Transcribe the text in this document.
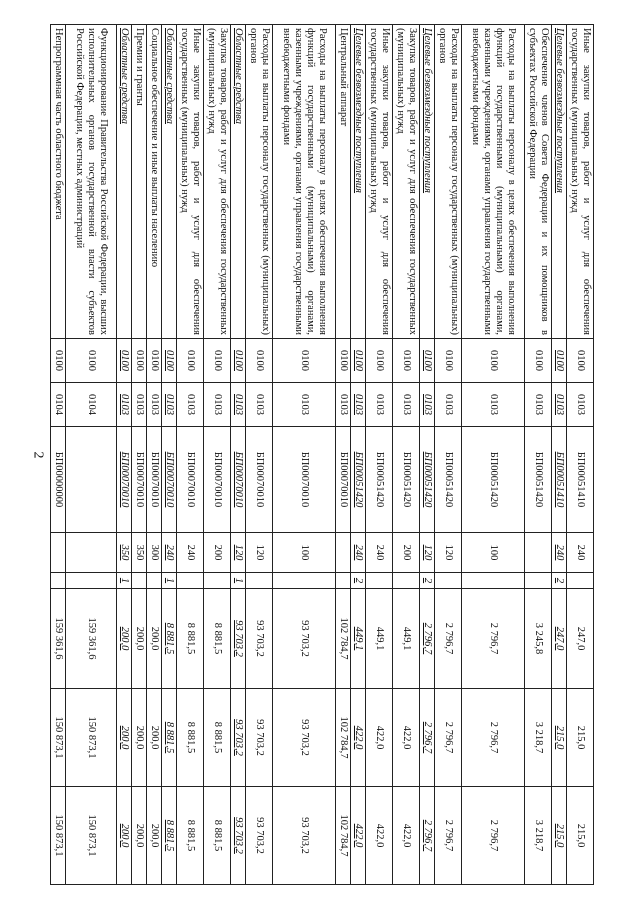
2
Иные закупки товаров, работ и услуг для обеспечения государственных (муниципальных) нужд	0100	0103	БП00051410	240		247,0	215,0	215,0
Целевые безвозмездные поступления	0100	0103	БП00051410	240	2	247,0	215,0	215,0
Обеспечение членов Совета Федерации и их помощников в субъектах Российской Федерации	0100	0103	БП00051420			3 245,8	3 218,7	3 218,7
Расходы на выплаты персоналу в целях обеспечения выполнения функций государственными (муниципальными) органами, казенными учреждениями, органами управления государственными внебюджетными фондами	0100	0103	БП00051420	100		2 796,7	2 796,7	2 796,7
Расходы на выплаты персоналу государственных (муниципальных) органов	0100	0103	БП00051420	120		2 796,7	2 796,7	2 796,7
Целевые безвозмездные поступления	0100	0103	БП00051420	120	2	2 796,7	2 796,7	2 796,7
Закупка товаров, работ и услуг для обеспечения государственных (муниципальных) нужд	0100	0103	БП00051420	200		449,1	422,0	422,0
Иные закупки товаров, работ и услуг для обеспечения государственных (муниципальных) нужд	0100	0103	БП00051420	240		449,1	422,0	422,0
Целевые безвозмездные поступления	0100	0103	БП00051420	240	2	449,1	422,0	422,0
Центральный аппарат	0100	0103	БП00070010			102 784,7	102 784,7	102 784,7
Расходы на выплаты персоналу в целях обеспечения выполнения функций государственными (муниципальными) органами, казенными учреждениями, органами управления государственными внебюджетными фондами	0100	0103	БП00070010	100		93 703,2	93 703,2	93 703,2
Расходы на выплаты персоналу государственных (муниципальных) органов	0100	0103	БП00070010	120		93 703,2	93 703,2	93 703,2
Областные средства	0100	0103	БП00070010	120	1	93 703,2	93 703,2	93 703,2
Закупка товаров, работ и услуг для обеспечения государственных (муниципальных) нужд	0100	0103	БП00070010	200		8 881,5	8 881,5	8 881,5
Иные закупки товаров, работ и услуг для обеспечения государственных (муниципальных) нужд	0100	0103	БП00070010	240		8 881,5	8 881,5	8 881,5
Областные средства	0100	0103	БП00070010	240	1	8 881,5	8 881,5	8 881,5
Социальное обеспечение и иные выплаты населению	0100	0103	БП00070010	300		200,0	200,0	200,0
Премии и гранты	0100	0103	БП00070010	350		200,0	200,0	200,0
Областные средства	0100	0103	БП00070010	350	1	200,0	200,0	200,0
Функционирование Правительства Российской Федерации, высших исполнительных органов государственной власти субъектов Российской Федерации, местных администраций	0100	0104				159 361,6	150 873,1	150 873,1
Непрограммная часть областного бюджета	0100	0104	БП00000000			159 361,6	150 873,1	150 873,1
